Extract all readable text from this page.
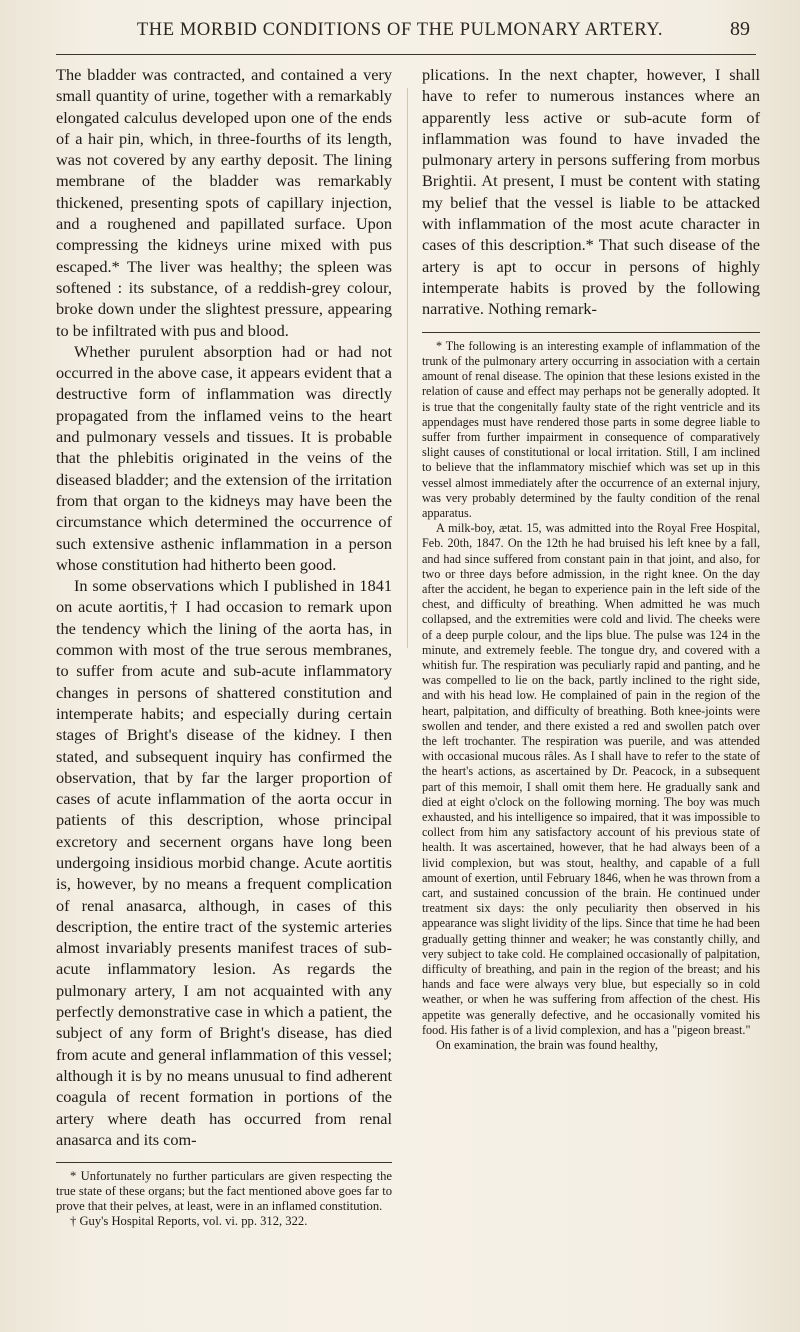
THE MORBID CONDITIONS OF THE PULMONARY ARTERY.	89

The bladder was contracted, and contained a very small quantity of urine, together with a remarkably elongated calculus developed upon one of the ends of a hair pin, which, in three-fourths of its length, was not covered by any earthy deposit. The lining membrane of the bladder was remarkably thickened, presenting spots of capillary injection, and a roughened and papillated surface. Upon compressing the kidneys urine mixed with pus escaped.* The liver was healthy; the spleen was softened : its substance, of a reddish-grey colour, broke down under the slightest pressure, appearing to be infiltrated with pus and blood.

Whether purulent absorption had or had not occurred in the above case, it appears evident that a destructive form of inflammation was directly propagated from the inflamed veins to the heart and pulmonary vessels and tissues. It is probable that the phlebitis originated in the veins of the diseased bladder; and the extension of the irritation from that organ to the kidneys may have been the circumstance which determined the occurrence of such extensive asthenic inflammation in a person whose constitution had hitherto been good.

In some observations which I published in 1841 on acute aortitis,† I had occasion to remark upon the tendency which the lining of the aorta has, in common with most of the true serous membranes, to suffer from acute and sub-acute inflammatory changes in persons of shattered constitution and intemperate habits; and especially during certain stages of Bright's disease of the kidney. I then stated, and subsequent inquiry has confirmed the observation, that by far the larger proportion of cases of acute inflammation of the aorta occur in patients of this description, whose principal excretory and secernent organs have long been undergoing insidious morbid change. Acute aortitis is, however, by no means a frequent complication of renal anasarca, although, in cases of this description, the entire tract of the systemic arteries almost invariably presents manifest traces of sub-acute inflammatory lesion. As regards the pulmonary artery, I am not acquainted with any perfectly demonstrative case in which a patient, the subject of any form of Bright's disease, has died from acute and general inflammation of this vessel; although it is by no means unusual to find adherent coagula of recent formation in portions of the artery where death has occurred from renal anasarca and its com-

* Unfortunately no further particulars are given respecting the true state of these organs; but the fact mentioned above goes far to prove that their pelves, at least, were in an inflamed constitution.

† Guy's Hospital Reports, vol. vi. pp. 312, 322.

plications. In the next chapter, however, I shall have to refer to numerous instances where an apparently less active or sub-acute form of inflammation was found to have invaded the pulmonary artery in persons suffering from morbus Brightii. At present, I must be content with stating my belief that the vessel is liable to be attacked with inflammation of the most acute character in cases of this description.* That such disease of the artery is apt to occur in persons of highly intemperate habits is proved by the following narrative. Nothing remark-

* The following is an interesting example of inflammation of the trunk of the pulmonary artery occurring in association with a certain amount of renal disease. The opinion that these lesions existed in the relation of cause and effect may perhaps not be generally adopted. It is true that the congenitally faulty state of the right ventricle and its appendages must have rendered those parts in some degree liable to suffer from further impairment in consequence of comparatively slight causes of constitutional or local irritation. Still, I am inclined to believe that the inflammatory mischief which was set up in this vessel almost immediately after the occurrence of an external injury, was very probably determined by the faulty condition of the renal apparatus.

A milk-boy, ætat. 15, was admitted into the Royal Free Hospital, Feb. 20th, 1847. On the 12th he had bruised his left knee by a fall, and had since suffered from constant pain in that joint, and also, for two or three days before admission, in the right knee. On the day after the accident, he began to experience pain in the left side of the chest, and difficulty of breathing. When admitted he was much collapsed, and the extremities were cold and livid. The cheeks were of a deep purple colour, and the lips blue. The pulse was 124 in the minute, and extremely feeble. The tongue dry, and covered with a whitish fur. The respiration was peculiarly rapid and panting, and he was compelled to lie on the back, partly inclined to the right side, and with his head low. He complained of pain in the region of the heart, palpitation, and difficulty of breathing. Both knee-joints were swollen and tender, and there existed a red and swollen patch over the left trochanter. The respiration was puerile, and was attended with occasional mucous râles. As I shall have to refer to the state of the heart's actions, as ascertained by Dr. Peacock, in a subsequent part of this memoir, I shall omit them here. He gradually sank and died at eight o'clock on the following morning. The boy was much exhausted, and his intelligence so impaired, that it was impossible to collect from him any satisfactory account of his previous state of health. It was ascertained, however, that he had always been of a livid complexion, but was stout, healthy, and capable of a full amount of exertion, until February 1846, when he was thrown from a cart, and sustained concussion of the brain. He continued under treatment six days: the only peculiarity then observed in his appearance was slight lividity of the lips. Since that time he had been gradually getting thinner and weaker; he was constantly chilly, and very subject to take cold. He complained occasionally of palpitation, difficulty of breathing, and pain in the region of the breast; and his hands and face were always very blue, but especially so in cold weather, or when he was suffering from affection of the chest. His appetite was generally defective, and he occasionally vomited his food. His father is of a livid complexion, and has a "pigeon breast."

On examination, the brain was found healthy,
